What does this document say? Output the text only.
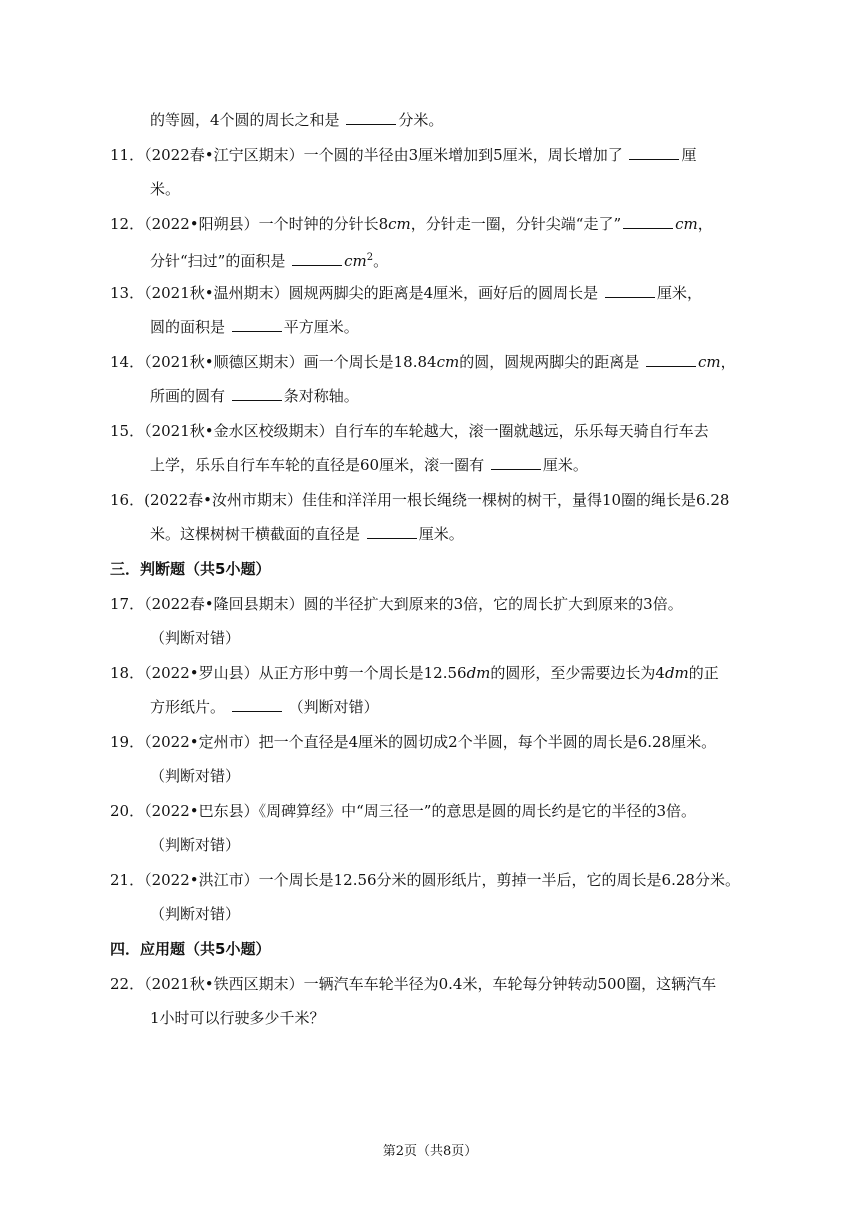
的等圆，4个圆的周长之和是	分米。
11．（2022春•江宁区期末）一个圆的半径由3厘米增加到5厘米，周长增加了	厘
米。
12．（2022•阳朔县）一个时钟的分针长8cm，分针走一圈，分针尖端“走了”	cm，
分针“扫过”的面积是	$cm^2$。
13．（2021秋•温州期末）圆规两脚尖的距离是4厘米，画好后的圆周长是	厘米，
圆的面积是	平方厘米。
14．（2021秋•顺德区期末）画一个周长是18.84cm的圆，圆规两脚尖的距离是	cm，
所画的圆有	条对称轴。
15．（2021秋•金水区校级期末）自行车的车轮越大，滚一圈就越远，乐乐每天骑自行车去
上学，乐乐自行车车轮的直径是60厘米，滚一圈有	厘米。
16．(2022春•汝州市期末）佳佳和洋洋用一根长绳绕一棵树的树干，量得10圈的绳长是6.28
米。这棵树树干横截面的直径是	厘米。
三．判断题（共5小题）
17．（2022春•隆回县期末）圆的半径扩大到原来的3倍，它的周长扩大到原来的3倍。
（判断对错）
18．（2022•罗山县）从正方形中剪一个周长是12.56dm的圆形，至少需要边长为4dm的正
方形纸片。	（判断对错）
19．（2022•定州市）把一个直径是4厘米的圆切成2个半圆，每个半圆的周长是6.28厘米。
（判断对错）
20．（2022•巴东县）《周碑算经》中“周三径一”的意思是圆的周长约是它的半径的3倍。
（判断对错）
21．（2022•洪江市）一个周长是12.56分米的圆形纸片，剪掉一半后，它的周长是6.28分米。
（判断对错）
四．应用题（共5小题）
22．（2021秋•铁西区期末）一辆汽车车轮半径为0.4米，车轮每分钟转动500圈，这辆汽车
1小时可以行驶多少千米？
第2页（共8页）
